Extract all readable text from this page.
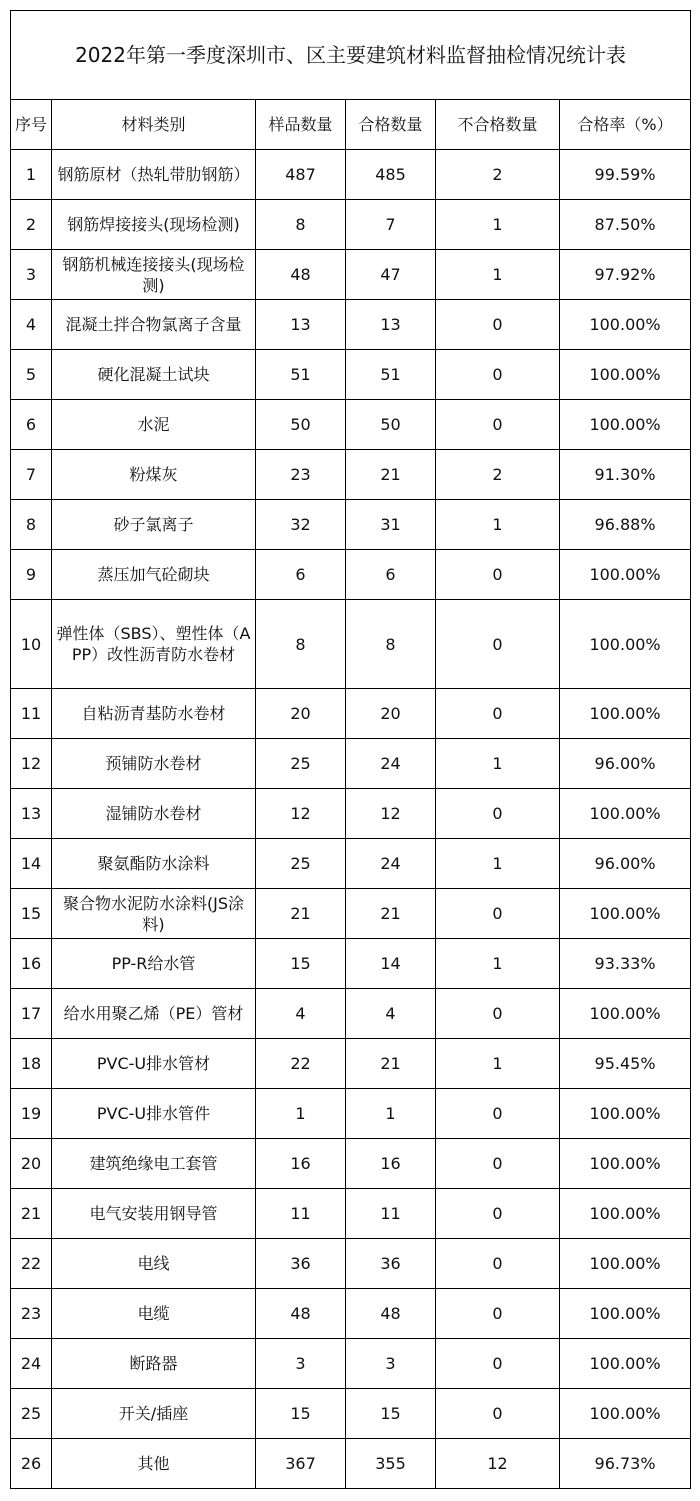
2022年第一季度深圳市、区主要建筑材料监督抽检情况统计表					
序号	材料类别	样品数量	合格数量	不合格数量	合格率（%）
1	钢筋原材（热轧带肋钢筋）	487	485	2	99.59%
2	钢筋焊接接头(现场检测)	8	7	1	87.50%
3	钢筋机械连接接头(现场检测)	48	47	1	97.92%
4	混凝土拌合物氯离子含量	13	13	0	100.00%
5	硬化混凝土试块	51	51	0	100.00%
6	水泥	50	50	0	100.00%
7	粉煤灰	23	21	2	91.30%
8	砂子氯离子	32	31	1	96.88%
9	蒸压加气砼砌块	6	6	0	100.00%
10	弹性体（SBS）、塑性体（APP）改性沥青防水卷材	8	8	0	100.00%
11	自粘沥青基防水卷材	20	20	0	100.00%
12	预铺防水卷材	25	24	1	96.00%
13	湿铺防水卷材	12	12	0	100.00%
14	聚氨酯防水涂料	25	24	1	96.00%
15	聚合物水泥防水涂料(JS涂料)	21	21	0	100.00%
16	PP-R给水管	15	14	1	93.33%
17	给水用聚乙烯（PE）管材	4	4	0	100.00%
18	PVC-U排水管材	22	21	1	95.45%
19	PVC-U排水管件	1	1	0	100.00%
20	建筑绝缘电工套管	16	16	0	100.00%
21	电气安装用钢导管	11	11	0	100.00%
22	电线	36	36	0	100.00%
23	电缆	48	48	0	100.00%
24	断路器	3	3	0	100.00%
25	开关/插座	15	15	0	100.00%
26	其他	367	355	12	96.73%
